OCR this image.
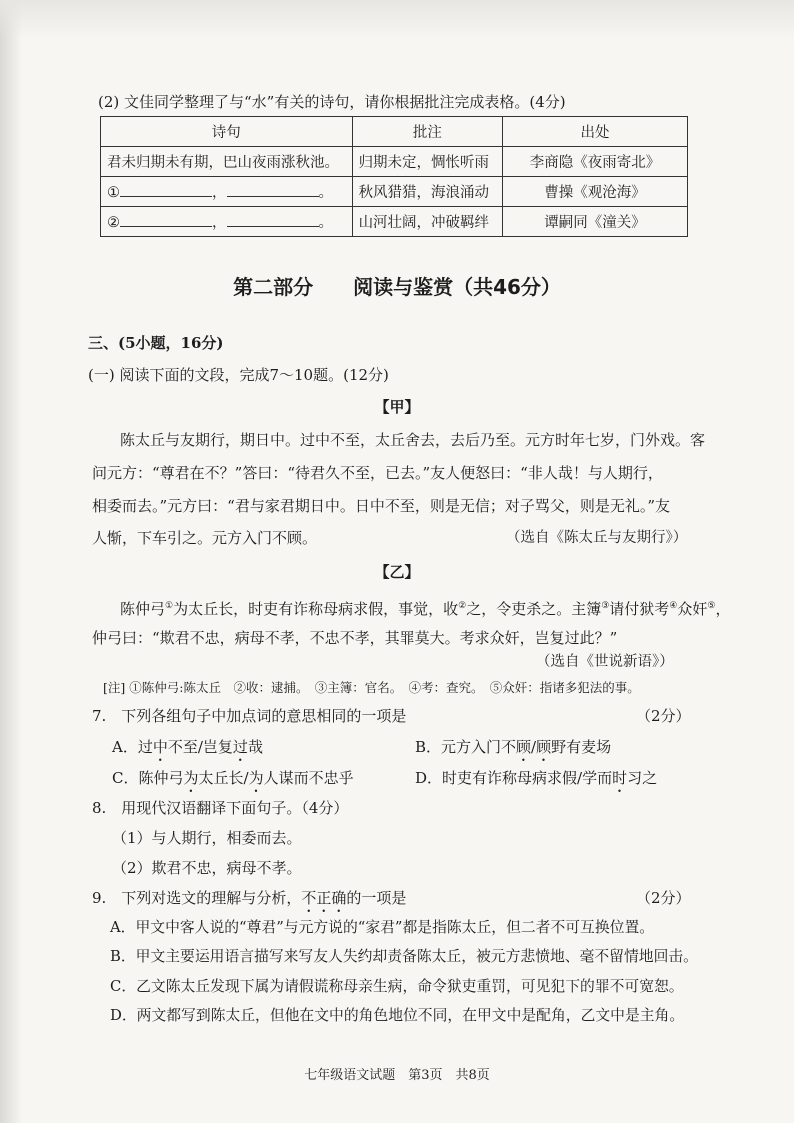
(2) 文佳同学整理了与“水”有关的诗句，请你根据批注完成表格。(4分)
诗句	批注	出处
君未归期未有期，巴山夜雨涨秋池。	归期未定，惆怅听雨	李商隐《夜雨寄北》
① ， 。	秋风猎猎，海浪涌动	曹操《观沧海》
② ， 。	山河壮阔，冲破羁绊	谭嗣同《潼关》
第二部分　　阅读与鉴赏（共46分）
三、(5小题，16分)
(一) 阅读下面的文段，完成7～10题。(12分)
【甲】
陈太丘与友期行，期日中。过中不至，太丘舍去，去后乃至。元方时年七岁，门外戏。客
问元方：“尊君在不？”答曰：“待君久不至，已去。”友人便怒曰：“非人哉！与人期行，
相委而去。”元方曰：“君与家君期日中。日中不至，则是无信；对子骂父，则是无礼。”友
人惭，下车引之。元方入门不顾。	（选自《陈太丘与友期行》）
【乙】
陈仲弓①为太丘长，时吏有诈称母病求假，事觉，收②之，令吏杀之。主簿③请付狱考④众奸⑤，
仲弓曰：“欺君不忠，病母不孝，不忠不孝，其罪莫大。考求众奸，岂复过此？”
（选自《世说新语》）
[注] ①陈仲弓:陈太丘　②收：逮捕。　③主簿：官名。　④考：查究。　⑤众奸：指诸多犯法的事。
7.　下列各组句子中加点词的意思相同的一项是	（2分）
A．过中不至/岂复过哉	B．元方入门不顾/顾野有麦场
C．陈仲弓为太丘长/为人谋而不忠乎	D．时吏有诈称母病求假/学而时习之
8.　用现代汉语翻译下面句子。（4分）
（1）与人期行，相委而去。
（2）欺君不忠，病母不孝。
9.　下列对选文的理解与分析，不正确的一项是	（2分）
A．甲文中客人说的“尊君”与元方说的“家君”都是指陈太丘，但二者不可互换位置。
B．甲文主要运用语言描写来写友人失约却责备陈太丘，被元方悲愤地、毫不留情地回击。
C．乙文陈太丘发现下属为请假谎称母亲生病，命令狱吏重罚，可见犯下的罪不可宽恕。
D．两文都写到陈太丘，但他在文中的角色地位不同，在甲文中是配角，乙文中是主角。
七年级语文试题　第3页　共8页
